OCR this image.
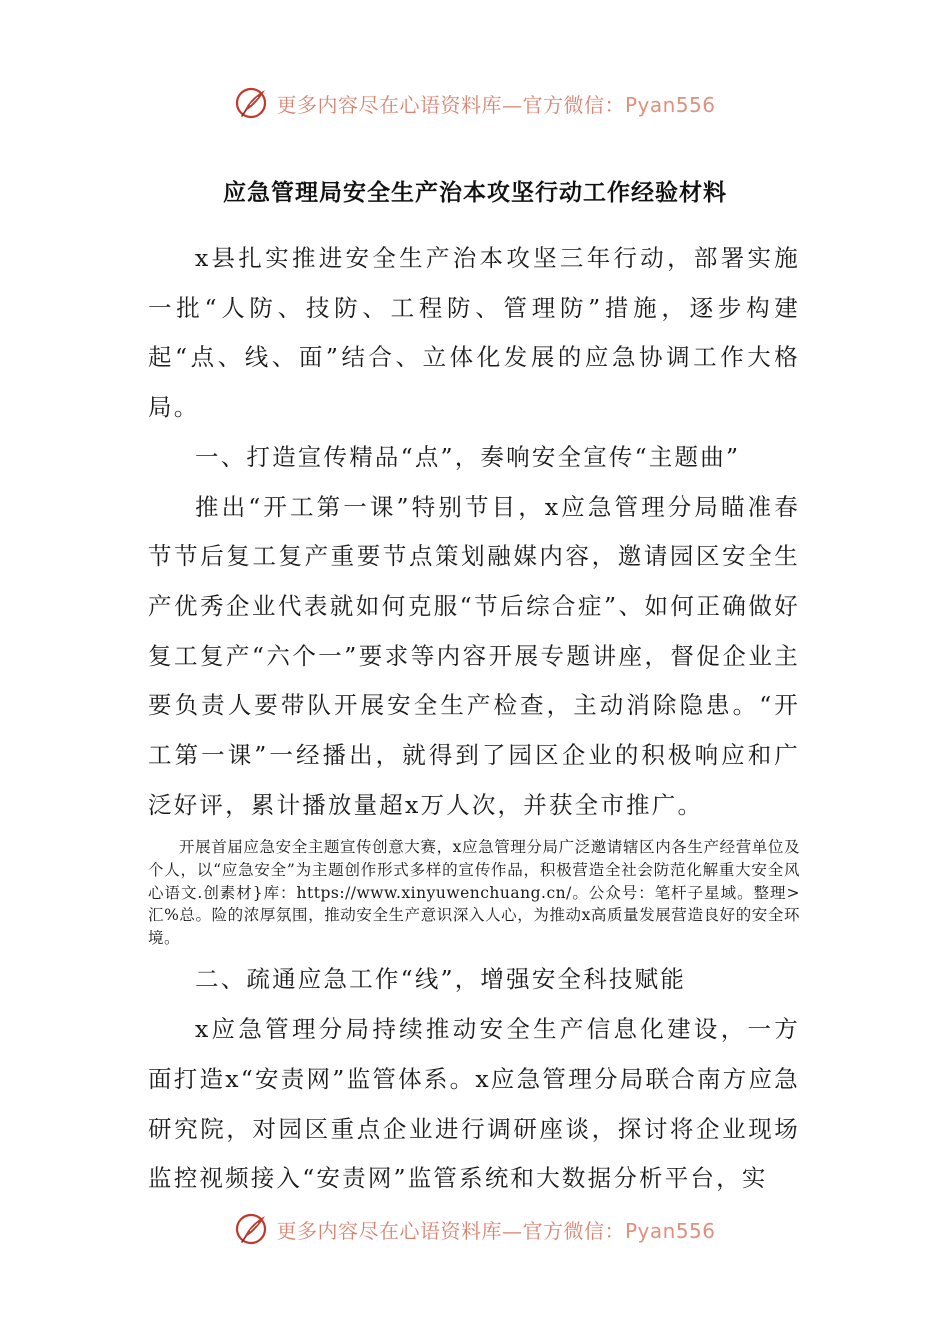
更多内容尽在心语资料库—官方微信：Pyan556
应急管理局安全生产治本攻坚行动工作经验材料

x县扎实推进安全生产治本攻坚三年行动，部署实施一批“人防、技防、工程防、管理防”措施，逐步构建起“点、线、面”结合、立体化发展的应急协调工作大格局。

一、打造宣传精品“点”，奏响安全宣传“主题曲”

推出“开工第一课”特别节目，x应急管理分局瞄准春节节后复工复产重要节点策划融媒内容，邀请园区安全生产优秀企业代表就如何克服“节后综合症”、如何正确做好复工复产“六个一”要求等内容开展专题讲座，督促企业主要负责人要带队开展安全生产检查，主动消除隐患。“开工第一课”一经播出，就得到了园区企业的积极响应和广泛好评，累计播放量超x万人次，并获全市推广。

开展首届应急安全主题宣传创意大赛，x应急管理分局广泛邀请辖区内各生产经营单位及个人，以“应急安全”为主题创作形式多样的宣传作品，积极营造全社会防范化解重大安全风心语文.创素材}库：https://www.xinyuwenchuang.cn/。公众号：笔杆子星域。整理>汇%总。险的浓厚氛围，推动安全生产意识深入人心，为推动x高质量发展营造良好的安全环境。

二、疏通应急工作“线”，增强安全科技赋能

x应急管理分局持续推动安全生产信息化建设，一方面打造x“安责网”监管体系。x应急管理分局联合南方应急研究院，对园区重点企业进行调研座谈，探讨将企业现场监控视频接入“安责网”监管系统和大数据分析平台，实

更多内容尽在心语资料库—官方微信：Pyan556
